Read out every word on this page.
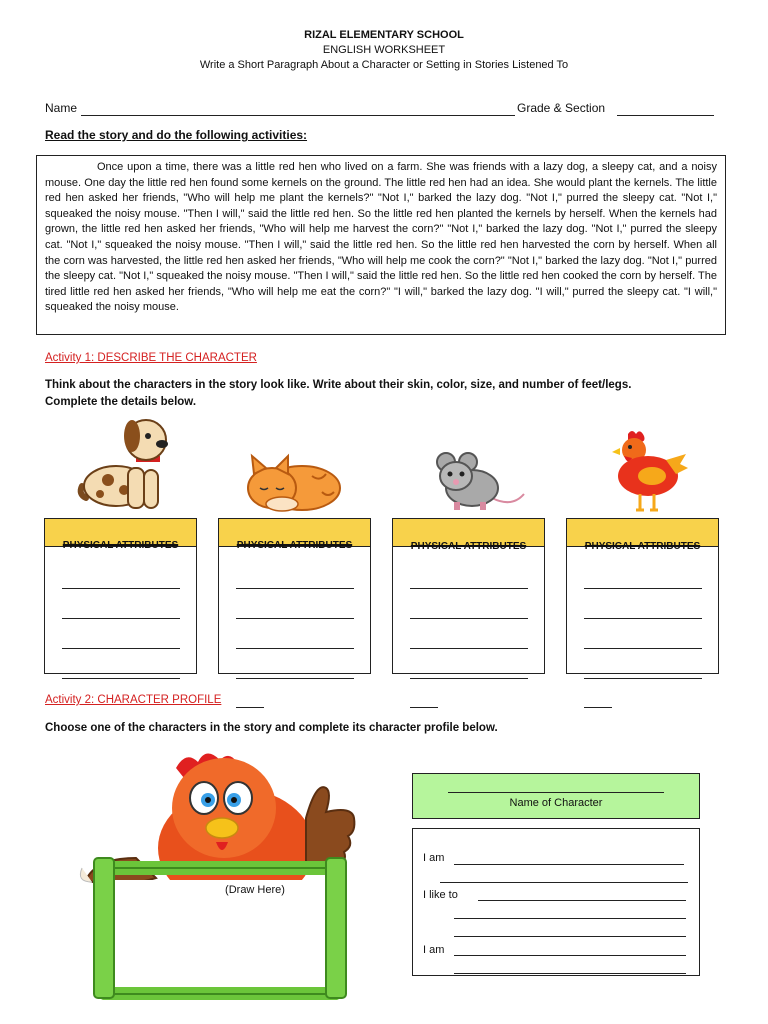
RIZAL ELEMENTARY SCHOOL
ENGLISH WORKSHEET
Write a Short Paragraph About a Character or Setting in Stories Listened To
Name	Grade & Section
Read the story and do the following activities:

Once upon a time, there was a little red hen who lived on a farm. She was friends with a lazy dog, a sleepy cat, and a noisy mouse. One day the little red hen found some kernels on the ground. The little red hen had an idea. She would plant the kernels. The little red hen asked her friends, "Who will help me plant the kernels?" "Not I," barked the lazy dog. "Not I," purred the sleepy cat. "Not I," squeaked the noisy mouse. "Then I will," said the little red hen. So the little red hen planted the kernels by herself. When the kernels had grown, the little red hen asked her friends, "Who will help me harvest the corn?" "Not I," barked the lazy dog. "Not I," purred the sleepy cat. "Not I," squeaked the noisy mouse. "Then I will," said the little red hen. So the little red hen harvested the corn by herself. When all the corn was harvested, the little red hen asked her friends, "Who will help me cook the corn?" "Not I," barked the lazy dog. "Not I," purred the sleepy cat. "Not I," squeaked the noisy mouse. "Then I will," said the little red hen. So the little red hen cooked the corn by herself. The tired little red hen asked her friends, "Who will help me eat the corn?" "I will," barked the lazy dog. "I will," purred the sleepy cat. "I will," squeaked the noisy mouse.

Activity 1: DESCRIBE THE CHARACTER
Think about the characters in the story look like. Write about their skin, color, size, and number of feet/legs. Complete the details below.
PHYSICAL ATTRIBUTES	PHYSICAL ATTRIBUTES	PHYSICAL ATTRIBUTES	PHYSICAL ATTRIBUTES
Activity 2: CHARACTER PROFILE
Choose one of the characters in the story and complete its character profile below.
(Draw Here)
Name of Character
I am
I like to
I am
